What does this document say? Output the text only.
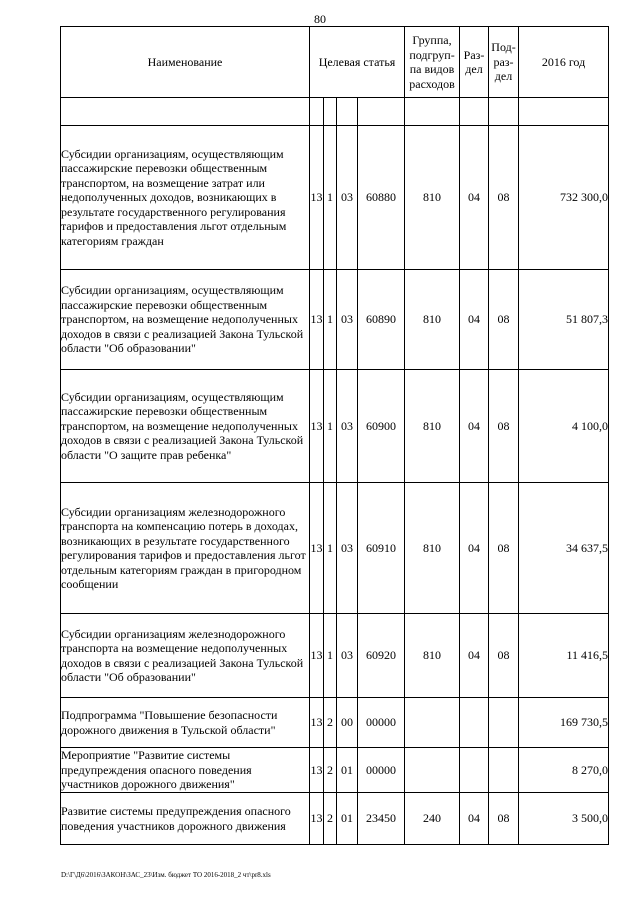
80
Наименование	Целевая статья				Группа, подгруп-па видов расходов	Раз-дел	Под-раз-дел	2016 год

Субсидии организациям, осуществляющим пассажирские перевозки общественным транспортом, на возмещение затрат или недополученных доходов, возникающих в результате государственного регулирования тарифов и предоставления льгот отдельным категориям граждан	13	1	03	60880	810	04	08	732 300,0
Субсидии организациям, осуществляющим пассажирские перевозки общественным транспортом, на возмещение недополученных доходов в связи с реализацией Закона Тульской области "Об образовании"	13	1	03	60890	810	04	08	51 807,3
Субсидии организациям, осуществляющим пассажирские перевозки общественным транспортом, на возмещение недополученных доходов в связи с реализацией Закона Тульской области "О защите прав ребенка"	13	1	03	60900	810	04	08	4 100,0
Субсидии организациям железнодорожного транспорта на компенсацию потерь в доходах, возникающих в результате государственного регулирования тарифов и предоставления льгот отдельным категориям граждан в пригородном сообщении	13	1	03	60910	810	04	08	34 637,5
Субсидии организациям железнодорожного транспорта на возмещение недополученных доходов в связи с реализацией Закона Тульской области "Об образовании"	13	1	03	60920	810	04	08	11 416,5
Подпрограмма "Повышение безопасности дорожного движения в Тульской области"	13	2	00	00000				169 730,5
Мероприятие "Развитие системы предупреждения опасного поведения участников дорожного движения"	13	2	01	00000				8 270,0
Развитие системы предупреждения опасного поведения участников дорожного движения	13	2	01	23450	240	04	08	3 500,0
D:\Г\Д6\2016\ЗАКОН\ЗАС_23\Изм. бюджет ТО 2016-2018_2 чт\pr8.xls
